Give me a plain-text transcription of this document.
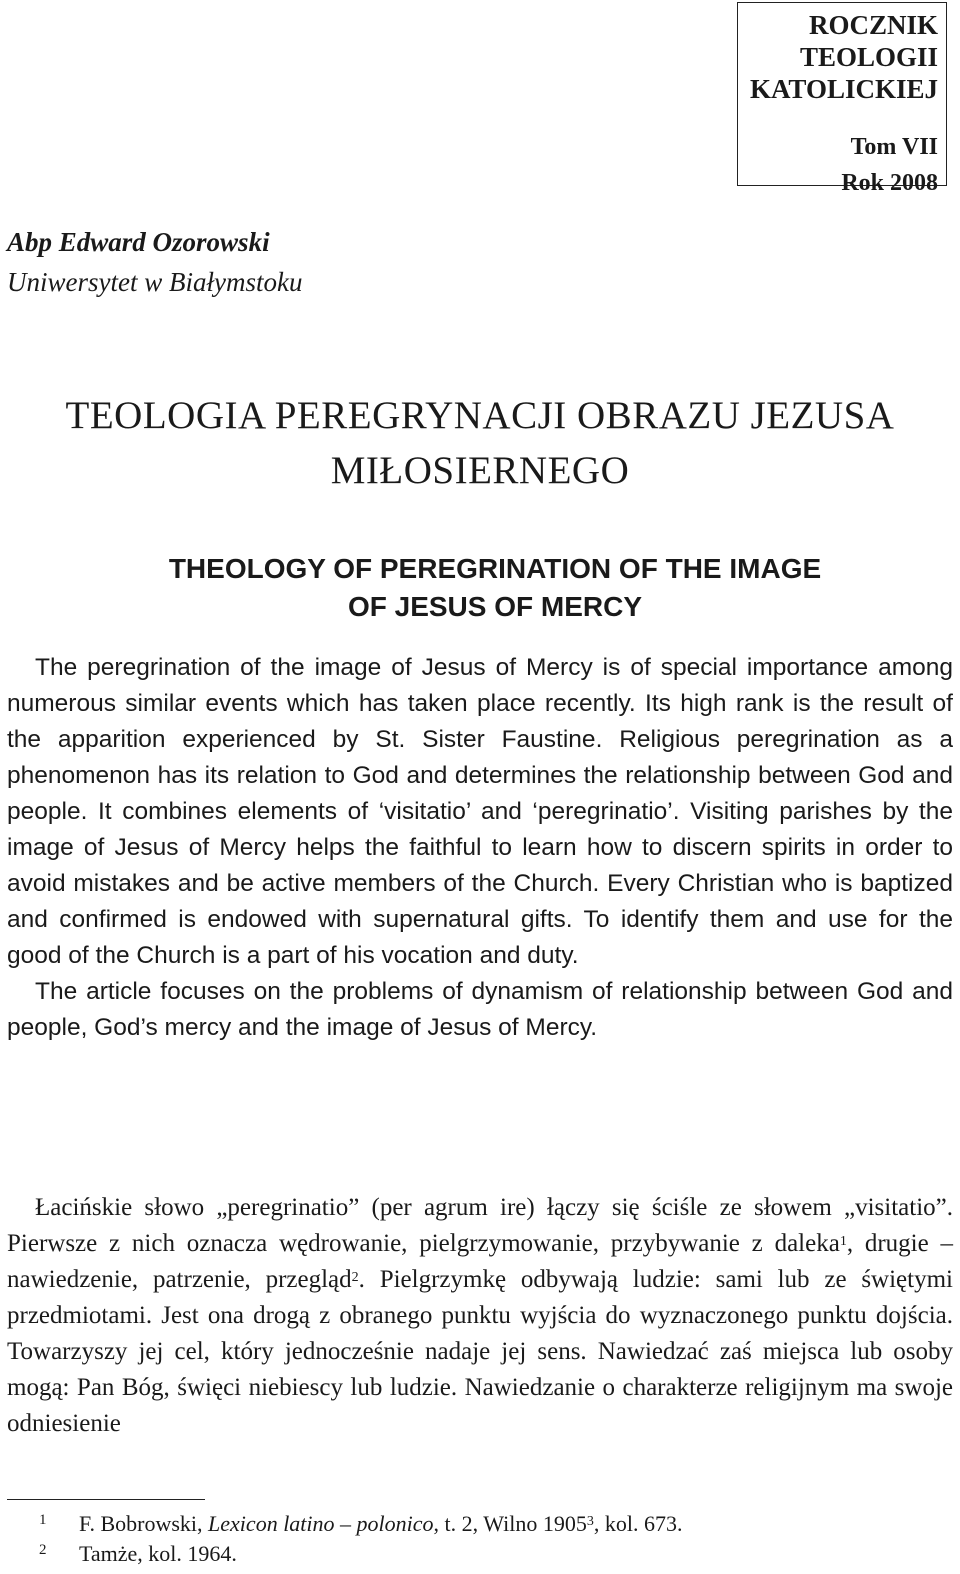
ROCZNIK
TEOLOGII
KATOLICKIEJ
Tom VII
Rok 2008
Abp Edward Ozorowski
Uniwersytet w Białymstoku
TEOLOGIA PEREGRYNACJI OBRAZU JEZUSA
MIŁOSIERNEGO
THEOLOGY OF PEREGRINATION OF THE IMAGE
OF JESUS OF MERCY

The peregrination of the image of Jesus of Mercy is of special importance among numerous similar events which has taken place recently. Its high rank is the result of the apparition experienced by St. Sister Faustine. Religious peregrination as a phenomenon has its relation to God and determines the relationship between God and people. It combines elements of ‘visitatio’ and ‘peregrinatio’. Visiting parishes by the image of Jesus of Mercy helps the faithful to learn how to discern spirits in order to avoid mistakes and be active members of the Church. Every Christian who is baptized and confirmed is endowed with supernatural gifts. To identify them and use for the good of the Church is a part of his vocation and duty.

The article focuses on the problems of dynamism of relationship between God and people, God’s mercy and the image of Jesus of Mercy.

Łacińskie słowo „peregrinatio” (per agrum ire) łączy się ściśle ze słowem „visitatio”. Pierwsze z nich oznacza wędrowanie, pielgrzymowanie, przybywanie z daleka$^1$, drugie – nawiedzenie, patrzenie, przegląd$^2$. Pielgrzymkę odbywają ludzie: sami lub ze świętymi przedmiotami. Jest ona drogą z obranego punktu wyjścia do wyznaczonego punktu dojścia. Towarzyszy jej cel, który jednocześnie nadaje jej sens. Nawiedzać zaś miejsca lub osoby mogą: Pan Bóg, święci niebiescy lub ludzie. Nawiedzanie o charakterze religijnym ma swoje odniesienie

1 F. Bobrowski, Lexicon latino – polonico, t. 2, Wilno 1905$^3$, kol. 673.
2 Tamże, kol. 1964.
